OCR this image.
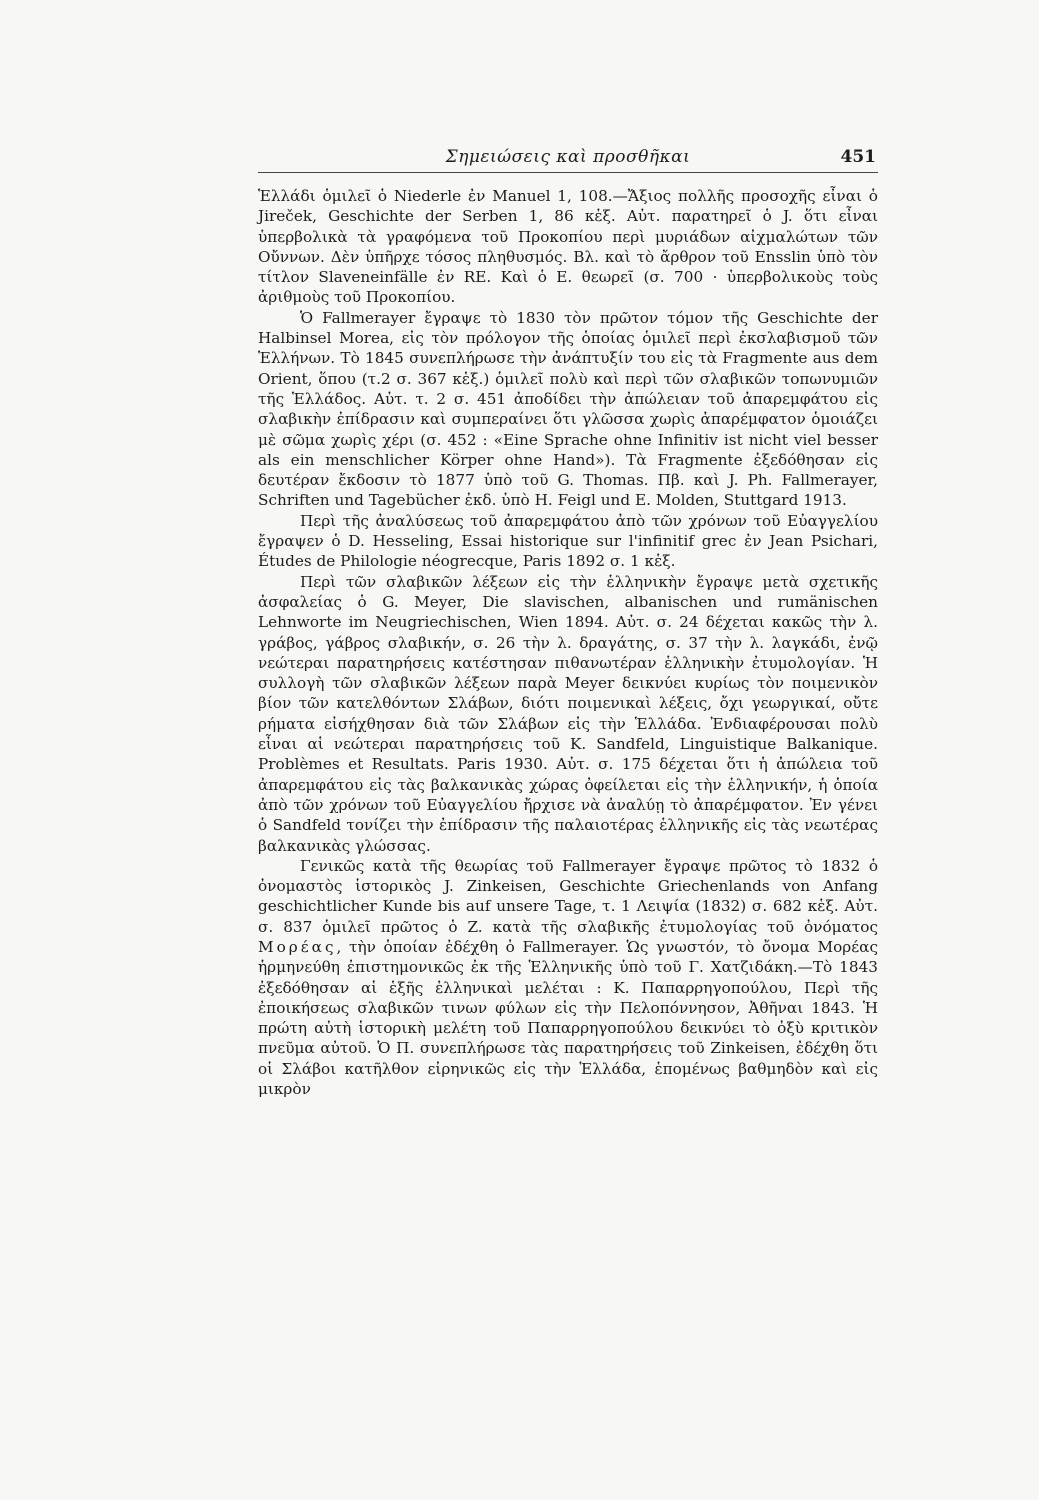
Σημειώσεις καὶ προσθῆκαι	451

Ἑλλάδι ὁμιλεῖ ὁ Niederle ἐν Manuel 1, 108.—Ἄξιος πολλῆς προσοχῆς εἶναι ὁ Jireček, Geschichte der Serben 1, 86 κἑξ. Αὐτ. παρατηρεῖ ὁ J. ὅτι εἶναι ὑπερβολικὰ τὰ γραφόμενα τοῦ Προκοπίου περὶ μυριάδων αἰχμαλώτων τῶν Οὔννων. Δὲν ὑπῆρχε τόσος πληθυσμός. Βλ. καὶ τὸ ἄρθρον τοῦ Ensslin ὑπὸ τὸν τίτλον Slaveneinfälle ἐν RE. Καὶ ὁ Ε. θεωρεῖ (σ. 700 · ὑπερβολικοὺς τοὺς ἀριθμοὺς τοῦ Προκοπίου.

Ὁ Fallmerayer ἔγραψε τὸ 1830 τὸν πρῶτον τόμον τῆς Geschichte der Halbinsel Morea, εἰς τὸν πρόλογον τῆς ὁποίας ὁμιλεῖ περὶ ἐκσλαβισμοῦ τῶν Ἑλλήνων. Τὸ 1845 συνεπλήρωσε τὴν ἀνάπτυξίν του εἰς τὰ Fragmente aus dem Orient, ὅπου (τ.2 σ. 367 κἑξ.) ὁμιλεῖ πολὺ καὶ περὶ τῶν σλαβικῶν τοπωνυμιῶν τῆς Ἑλλάδος. Αὐτ. τ. 2 σ. 451 ἀποδίδει τὴν ἀπώλειαν τοῦ ἀπαρεμφάτου εἰς σλαβικὴν ἐπίδρασιν καὶ συμπεραίνει ὅτι γλῶσσα χωρὶς ἀπαρέμφατον ὁμοιάζει μὲ σῶμα χωρὶς χέρι (σ. 452 : «Eine Sprache ohne Infinitiv ist nicht viel besser als ein menschlicher Körper ohne Hand»). Τὰ Fragmente ἐξεδόθησαν εἰς δευτέραν ἔκδοσιν τὸ 1877 ὑπὸ τοῦ G. Thomas. Πβ. καὶ J. Ph. Fallmerayer, Schriften und Tagebücher ἐκδ. ὑπὸ H. Feigl und E. Molden, Stuttgard 1913.

Περὶ τῆς ἀναλύσεως τοῦ ἀπαρεμφάτου ἀπὸ τῶν χρόνων τοῦ Εὐαγγελίου ἔγραψεν ὁ D. Hesseling, Essai historique sur l'infinitif grec ἐν Jean Psichari, Études de Philologie néogrecque, Paris 1892 σ. 1 κἑξ.

Περὶ τῶν σλαβικῶν λέξεων εἰς τὴν ἑλληνικὴν ἔγραψε μετὰ σχετικῆς ἀσφαλείας ὁ G. Meyer, Die slavischen, albanischen und rumänischen Lehnworte im Neugriechischen, Wien 1894. Αὐτ. σ. 24 δέχεται κακῶς τὴν λ. γράβος, γάβρος σλαβικήν, σ. 26 τὴν λ. δραγάτης, σ. 37 τὴν λ. λαγκάδι, ἐνῷ νεώτεραι παρατηρήσεις κατέστησαν πιθανωτέραν ἑλληνικὴν ἐτυμολογίαν. Ἡ συλλογὴ τῶν σλαβικῶν λέξεων παρὰ Meyer δεικνύει κυρίως τὸν ποιμενικὸν βίον τῶν κατελθόντων Σλάβων, διότι ποιμενικαὶ λέξεις, ὄχι γεωργικαί, οὔτε ρήματα εἰσήχθησαν διὰ τῶν Σλάβων εἰς τὴν Ἑλλάδα. Ἐνδιαφέρουσαι πολὺ εἶναι αἱ νεώτεραι παρατηρήσεις τοῦ K. Sandfeld, Linguistique Balkanique. Problèmes et Resultats. Paris 1930. Αὐτ. σ. 175 δέχεται ὅτι ἡ ἀπώλεια τοῦ ἀπαρεμφάτου εἰς τὰς βαλκανικὰς χώρας ὀφείλεται εἰς τὴν ἑλληνικήν, ἡ ὁποία ἀπὸ τῶν χρόνων τοῦ Εὐαγγελίου ἤρχισε νὰ ἀναλύῃ τὸ ἀπαρέμφατον. Ἐν γένει ὁ Sandfeld τονίζει τὴν ἐπίδρασιν τῆς παλαιοτέρας ἑλληνικῆς εἰς τὰς νεωτέρας βαλκανικὰς γλώσσας.

Γενικῶς κατὰ τῆς θεωρίας τοῦ Fallmerayer ἔγραψε πρῶτος τὸ 1832 ὁ ὀνομαστὸς ἱστορικὸς J. Zinkeisen, Geschichte Griechenlands von Anfang geschichtlicher Kunde bis auf unsere Tage, τ. 1 Λειψία (1832) σ. 682 κἑξ. Αὐτ. σ. 837 ὁμιλεῖ πρῶτος ὁ Z. κατὰ τῆς σλαβικῆς ἐτυμολογίας τοῦ ὀνόματος Μορέας, τὴν ὁποίαν ἐδέχθη ὁ Fallmerayer. Ὡς γνωστόν, τὸ ὄνομα Μορέας ἡρμηνεύθη ἐπιστημονικῶς ἐκ τῆς Ἑλληνικῆς ὑπὸ τοῦ Γ. Χατζιδάκη.—Τὸ 1843 ἐξεδόθησαν αἱ ἑξῆς ἑλληνικαὶ μελέται : K. Παπαρρηγοπούλου, Περὶ τῆς ἐποικήσεως σλαβικῶν τινων φύλων εἰς τὴν Πελοπόννησον, Ἀθῆναι 1843. Ἡ πρώτη αὐτὴ ἱστορικὴ μελέτη τοῦ Παπαρρηγοπούλου δεικνύει τὸ ὀξὺ κριτικὸν πνεῦμα αὐτοῦ. Ὁ Π. συνεπλήρωσε τὰς παρατηρήσεις τοῦ Zinkeisen, ἐδέχθη ὅτι οἱ Σλάβοι κατῆλθον εἰρηνικῶς εἰς τὴν Ἑλλάδα, ἑπομένως βαθμηδὸν καὶ εἰς μικρὸν
